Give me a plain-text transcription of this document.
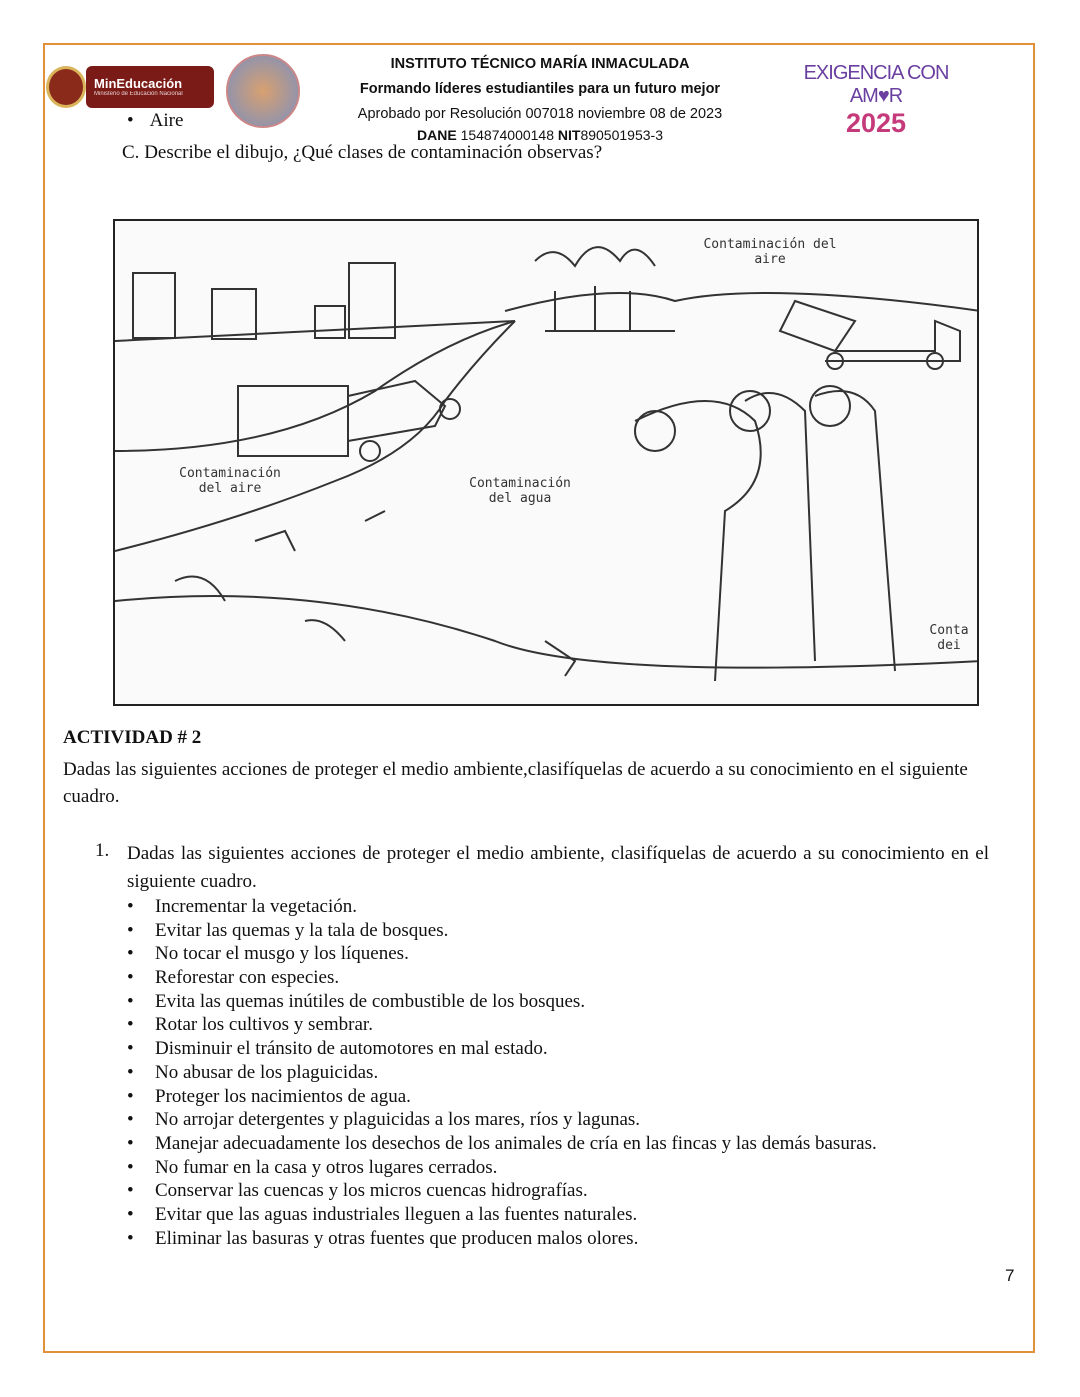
MinEducación
Ministerio de Educación Nacional
INSTITUTO TÉCNICO MARÍA INMACULADA
Formando líderes estudiantiles para un futuro mejor
Aprobado por Resolución 007018 noviembre 08 de 2023
DANE 154874000148 NIT890501953-3
EXIGENCIA CON AM♥R
2025
• Aire
C. Describe el dibujo, ¿Qué clases de contaminación observas?
Contaminación del aire
Contaminación del aire	Contaminación del agua
Conta dei
ACTIVIDAD # 2
Dadas las siguientes acciones de proteger el medio ambiente,clasifíquelas de acuerdo a su conocimiento en el siguiente cuadro.
1. Dadas las siguientes acciones de proteger el medio ambiente, clasifíquelas de acuerdo a su conocimiento en el siguiente cuadro.
• Incrementar la vegetación.
• Evitar las quemas y la tala de bosques.
• No tocar el musgo y los líquenes.
• Reforestar con especies.
• Evita las quemas inútiles de combustible de los bosques.
• Rotar los cultivos y sembrar.
• Disminuir el tránsito de automotores en mal estado.
• No abusar de los plaguicidas.
• Proteger los nacimientos de agua.
• No arrojar detergentes y plaguicidas a los mares, ríos y lagunas.
• Manejar adecuadamente los desechos de los animales de cría en las fincas y las demás basuras.
• No fumar en la casa y otros lugares cerrados.
• Conservar las cuencas y los micros cuencas hidrografías.
• Evitar que las aguas industriales lleguen a las fuentes naturales.
• Eliminar las basuras y otras fuentes que producen malos olores.
7
